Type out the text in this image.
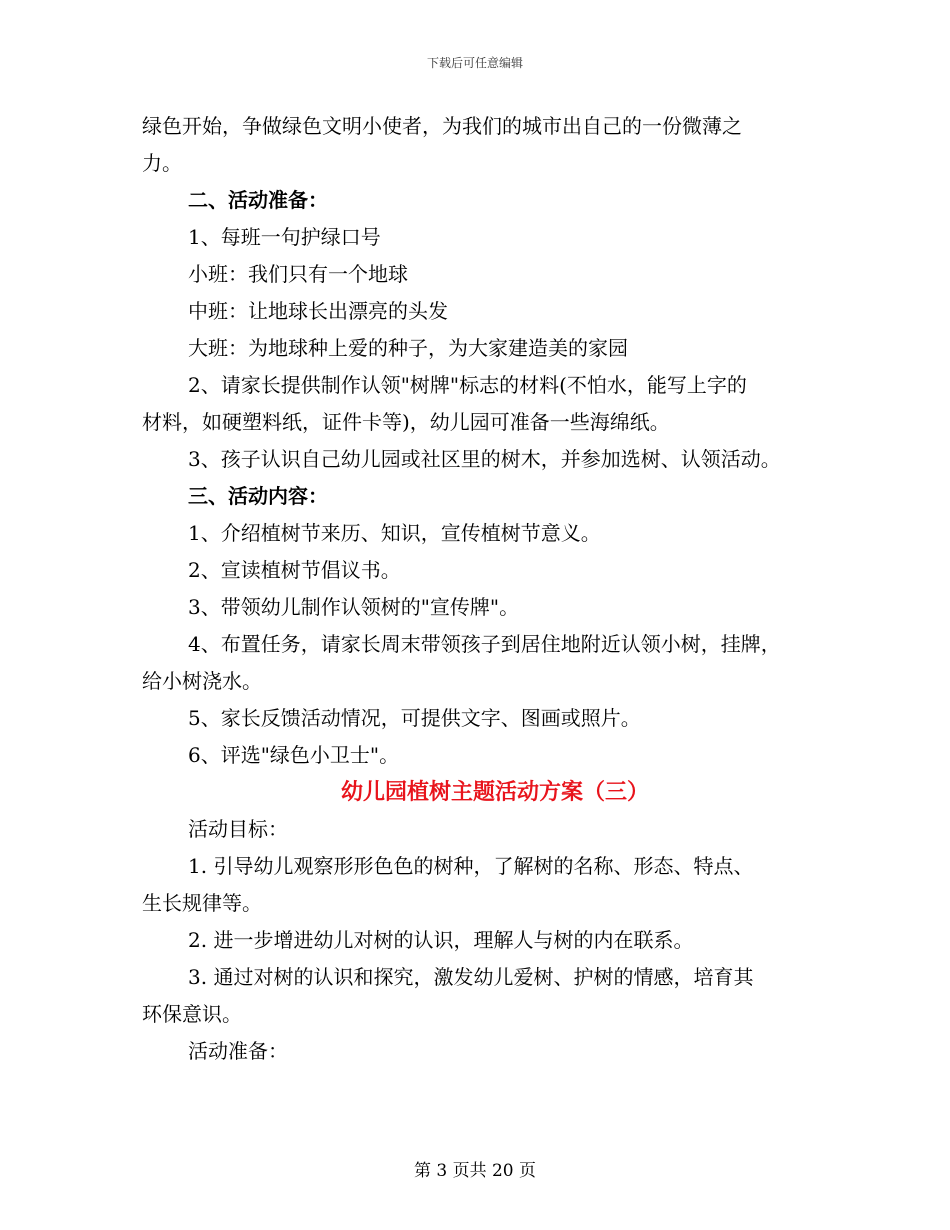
下载后可任意编辑

绿色开始，争做绿色文明小使者，为我们的城市出自己的一份微薄之

力。

二、活动准备：

1、每班一句护绿口号

小班：我们只有一个地球

中班：让地球长出漂亮的头发

大班：为地球种上爱的种子，为大家建造美的家园

2、请家长提供制作认领"树牌"标志的材料(不怕水，能写上字的

材料，如硬塑料纸，证件卡等)，幼儿园可准备一些海绵纸。

3、孩子认识自己幼儿园或社区里的树木，并参加选树、认领活动。

三、活动内容：

1、介绍植树节来历、知识，宣传植树节意义。

2、宣读植树节倡议书。

3、带领幼儿制作认领树的"宣传牌"。

4、布置任务，请家长周末带领孩子到居住地附近认领小树，挂牌，

给小树浇水。

5、家长反馈活动情况，可提供文字、图画或照片。

6、评选"绿色小卫士"。

幼儿园植树主题活动方案（三）

活动目标：

1. 引导幼儿观察形形色色的树种，了解树的名称、形态、特点、

生长规律等。

2. 进一步增进幼儿对树的认识，理解人与树的内在联系。

3. 通过对树的认识和探究，激发幼儿爱树、护树的情感，培育其

环保意识。

活动准备：

第 3 页共 20 页
